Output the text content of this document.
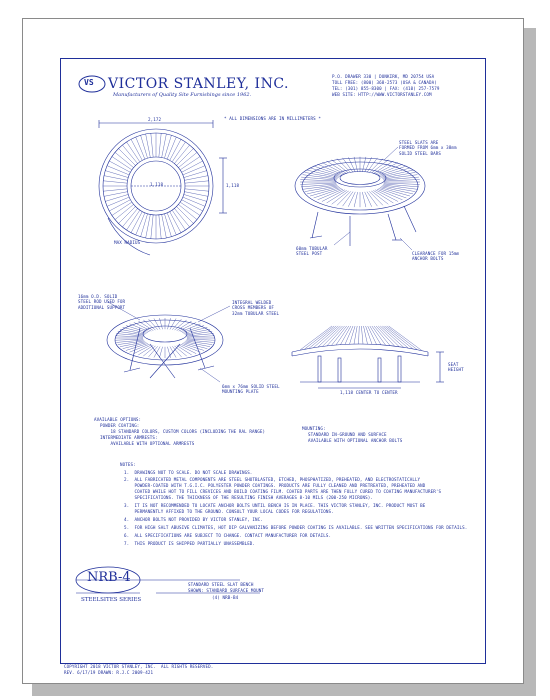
VICTOR STANLEY, INC.
Manufacturers of Quality Site Furnishings since 1962.
VS
P.O. DRAWER 330 | DUNKIRK, MD 20754 USA
TOLL FREE: (800) 368-2573 (USA & CANADA)
TEL: (301) 855-8300 | FAX: (410) 257-7579
WEB SITE: HTTP://WWW.VICTORSTANLEY.COM
* ALL DIMENSIONS ARE IN MILLIMETERS *
2,172
1,118	1,118
MAX RADIUS
STEEL SLATS ARE
FORMED FROM 6mm x 38mm
SOLID STEEL BARS
60mm TUBULAR
STEEL POST	CLEARANCE FOR 15mm
ANCHOR BOLTS
16mm O.D. SOLID
STEEL ROD USED FOR
ADDITIONAL SUPPORT
INTEGRAL WELDED
CROSS MEMBERS OF
32mm TUBULAR STEEL
6mm x 76mm SOLID STEEL
MOUNTING PLATE
SEAT
HEIGHT
1,118 CENTER TO CENTER
AVAILABLE OPTIONS:
POWDER COATING:
18 STANDARD COLORS, CUSTOM COLORS (INCLUDING THE RAL RANGE)
INTERMEDIATE ARMRESTS:
AVAILABLE WITH OPTIONAL ARMRESTS
MOUNTING:
STANDARD IN-GROUND AND SURFACE
AVAILABLE WITH OPTIONAL ANCHOR BOLTS
NOTES:
1.  DRAWINGS NOT TO SCALE. DO NOT SCALE DRAWINGS.
2.  ALL FABRICATED METAL COMPONENTS ARE STEEL SHOTBLASTED, ETCHED, PHOSPHATIZED, PREHEATED, AND ELECTROSTATICALLY
POWDER-COATED WITH T.G.I.C. POLYESTER POWDER COATINGS. PRODUCTS ARE FULLY CLEANED AND PRETREATED, PREHEATED AND
COATED WHILE HOT TO FILL CREVICES AND BUILD COATING FILM. COATED PARTS ARE THEN FULLY CURED TO COATING MANUFACTURER'S
SPECIFICATIONS. THE THICKNESS OF THE RESULTING FINISH AVERAGES 8-10 MILS (200-250 MICRONS).
3.  IT IS NOT RECOMMENDED TO LOCATE ANCHOR BOLTS UNTIL BENCH IS IN PLACE. THIS VICTOR STANLEY, INC. PRODUCT MUST BE
PERMANENTLY AFFIXED TO THE GROUND. CONSULT YOUR LOCAL CODES FOR REGULATIONS.
4.  ANCHOR BOLTS NOT PROVIDED BY VICTOR STANLEY, INC.
5.  FOR HIGH SALT ABUSIVE CLIMATES, HOT DIP GALVANIZING BEFORE POWDER COATING IS AVAILABLE. SEE WRITTEN SPECIFICATIONS FOR DETAILS.
6.  ALL SPECIFICATIONS ARE SUBJECT TO CHANGE. CONTACT MANUFACTURER FOR DETAILS.
7.  THIS PRODUCT IS SHIPPED PARTIALLY UNASSEMBLED.
NRB-4
STEELSITES SERIES
STANDARD STEEL SLAT BENCH
SHOWN: STANDARD SURFACE MOUNT
(4) NRB-B4
COPYRIGHT 2018 VICTOR STANLEY, INC.  ALL RIGHTS RESERVED.
REV. 6/17/19 DRAWN: R.J.C 2009-421
